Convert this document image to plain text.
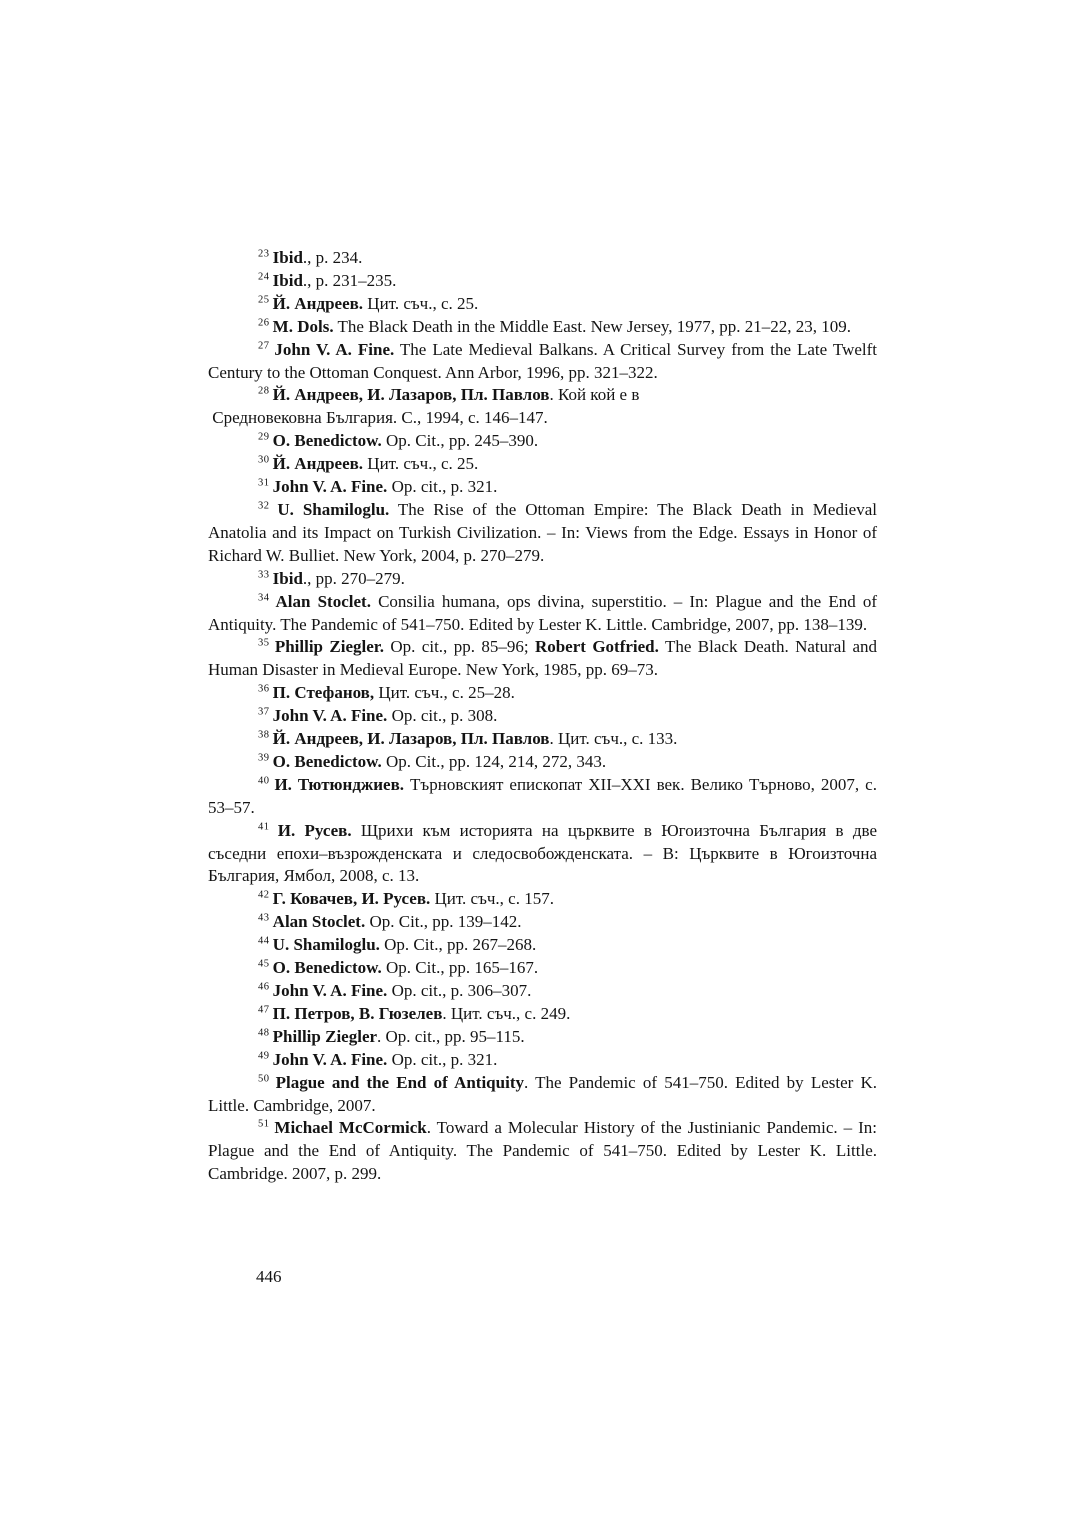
$^{23}$ Ibid., p. 234.

$^{24}$ Ibid., p. 231–235.

$^{25}$ Й. Андреев. Цит. съч., с. 25.

$^{26}$ M. Dols. The Black Death in the Middle East. New Jersey, 1977, pp. 21–22, 23, 109.

$^{27}$ John V. A. Fine. The Late Medieval Balkans. A Critical Survey from the Late Twelft Century to the Ottoman Conquest. Ann Arbor, 1996, pp. 321–322.

$^{28}$ Й. Андреев, И. Лазаров, Пл. Павлов. Кой кой е в
Средновековна България. С., 1994, с. 146–147.

$^{29}$ O. Benedictow. Op. Cit., pp. 245–390.

$^{30}$ Й. Андреев. Цит. съч., с. 25.

$^{31}$ John V. A. Fine. Op. cit., p. 321.

$^{32}$ U. Shamiloglu. The Rise of the Ottoman Empire: The Black Death in Medieval Anatolia and its Impact on Turkish Civilization. – In: Views from the Edge. Essays in Honor of Richard W. Bulliet. New York, 2004, p. 270–279.

$^{33}$ Ibid., pp. 270–279.

$^{34}$ Alan Stoclet. Consilia humana, ops divina, superstitio. – In: Plague and the End of Antiquity. The Pandemic of 541–750. Edited by Lester K. Little. Cambridge, 2007, pp. 138–139.

$^{35}$ Phillip Ziegler. Op. cit., pp. 85–96; Robert Gotfried. The Black Death. Natural and Human Disaster in Medieval Europe. New York, 1985, pp. 69–73.

$^{36}$ П. Стефанов, Цит. съч., с. 25–28.

$^{37}$ John V. A. Fine. Op. cit., p. 308.

$^{38}$ Й. Андреев, И. Лазаров, Пл. Павлов. Цит. съч., с. 133.

$^{39}$ O. Benedictow. Op. Cit., pp. 124, 214, 272, 343.

$^{40}$ И. Тютюнджиев. Търновският епископат XII–XXI век. Велико Търново, 2007, с. 53–57.

$^{41}$ И. Русев. Щрихи към историята на църквите в Югоизточна България в две съседни епохи–възрожденската и следосвобожденската. – В: Църквите в Югоизточна България, Ямбол, 2008, с. 13.

$^{42}$ Г. Ковачев, И. Русев. Цит. съч., с. 157.

$^{43}$ Alan Stoclet. Op. Cit., pp. 139–142.

$^{44}$ U. Shamiloglu. Op. Cit., pp. 267–268.

$^{45}$ O. Benedictow. Op. Cit., pp. 165–167.

$^{46}$ John V. A. Fine. Op. cit., p. 306–307.

$^{47}$ П. Петров, В. Гюзелев. Цит. съч., с. 249.

$^{48}$ Phillip Ziegler. Op. cit., pp. 95–115.

$^{49}$ John V. A. Fine. Op. cit., p. 321.

$^{50}$ Plague and the End of Antiquity. The Pandemic of 541–750. Edited by Lester K. Little. Cambridge, 2007.

$^{51}$ Michael McCormick. Toward a Molecular History of the Justinianic Pandemic. – In: Plague and the End of Antiquity. The Pandemic of 541–750. Edited by Lester K. Little. Cambridge. 2007, p. 299.

446
